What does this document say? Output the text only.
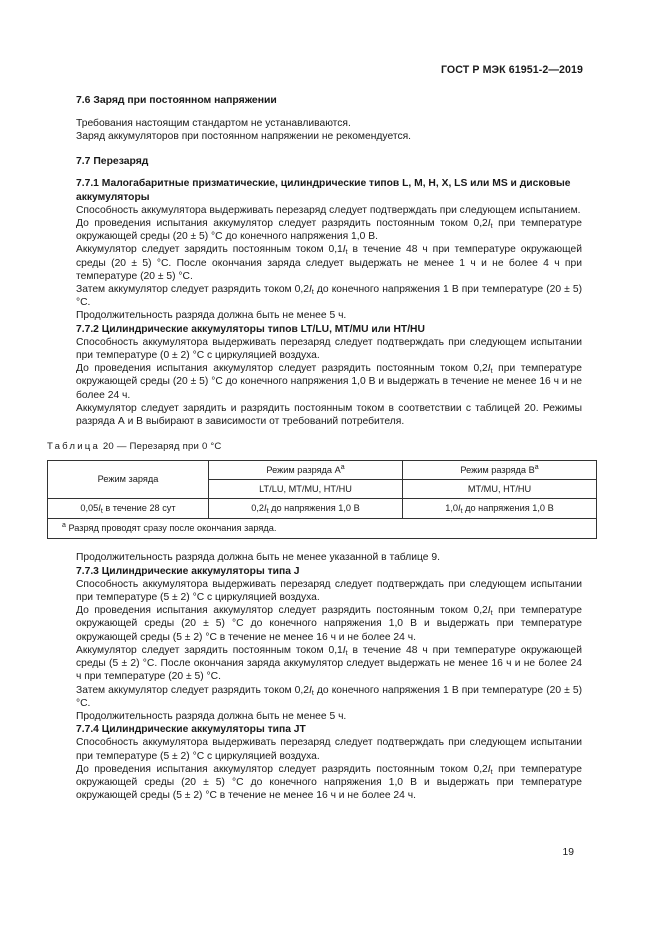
ГОСТ Р МЭК 61951-2—2019
7.6 Заряд при постоянном напряжении

Требования настоящим стандартом не устанавливаются.

Заряд аккумуляторов при постоянном напряжении не рекомендуется.

7.7 Перезаряд
7.7.1 Малогабаритные призматические, цилиндрические типов L, M, H, X, LS или MS и дисковые аккумуляторы

Способность аккумулятора выдерживать перезаряд следует подтверждать при следующем испытанием.

До проведения испытания аккумулятор следует разрядить постоянным током $0,2I_t$ при температуре окружающей среды (20 ± 5) °С до конечного напряжения 1,0 В.

Аккумулятор следует зарядить постоянным током $0,1I_t$ в течение 48 ч при температуре окружающей среды (20 ± 5) °С. После окончания заряда следует выдержать не менее 1 ч и не более 4 ч при температуре (20 ± 5) °С.

Затем аккумулятор следует разрядить током $0,2I_t$ до конечного напряжения 1 В при температуре (20 ± 5) °С.

Продолжительность разряда должна быть не менее 5 ч.

7.7.2 Цилиндрические аккумуляторы типов LT/LU, MT/MU или HT/HU

Способность аккумулятора выдерживать перезаряд следует подтверждать при следующем испытании при температуре (0 ± 2) °С с циркуляцией воздуха.

До проведения испытания аккумулятор следует разрядить постоянным током $0,2I_t$ при температуре окружающей среды (20 ± 5) °С до конечного напряжения 1,0 В и выдержать в течение не менее 16 ч и не более 24 ч.

Аккумулятор следует зарядить и разрядить постоянным током в соответствии с таблицей 20. Режимы разряда А и В выбирают в зависимости от требований потребителя.

Таблица 20 — Перезаряд при 0 °С
Режим заряда	Режим разряда $А^а$	Режим разряда $В^а$
	LT/LU, MT/MU, HT/HU	MT/MU, HT/HU
$0,05I_t$ в течение 28 сут	$0,2I_t$ до напряжения 1,0 В	$1,0I_t$ до напряжения 1,0 В
$^а$ Разряд проводят сразу после окончания заряда.		

Продолжительность разряда должна быть не менее указанной в таблице 9.

7.7.3 Цилиндрические аккумуляторы типа J

Способность аккумулятора выдерживать перезаряд следует подтверждать при следующем испытании при температуре (5 ± 2) °С с циркуляцией воздуха.

До проведения испытания аккумулятор следует разрядить постоянным током $0,2I_t$ при температуре окружающей среды (20 ± 5) °С до конечного напряжения 1,0 В и выдержать при температуре окружающей среды (5 ± 2) °С в течение не менее 16 ч и не более 24 ч.

Аккумулятор следует зарядить постоянным током $0,1I_t$ в течение 48 ч при температуре окружающей среды (5 ± 2) °С. После окончания заряда аккумулятор следует выдержать не менее 16 ч и не более 24 ч при температуре (20 ± 5) °С.

Затем аккумулятор следует разрядить током $0,2I_t$ до конечного напряжения 1 В при температуре (20 ± 5) °С.

Продолжительность разряда должна быть не менее 5 ч.

7.7.4 Цилиндрические аккумуляторы типа JT

Способность аккумулятора выдерживать перезаряд следует подтверждать при следующем испытании при температуре (5 ± 2) °С с циркуляцией воздуха.

До проведения испытания аккумулятор следует разрядить постоянным током $0,2I_t$ при температуре окружающей среды (20 ± 5) °С до конечного напряжения 1,0 В и выдержать при температуре окружающей среды (5 ± 2) °С в течение не менее 16 ч и не более 24 ч.

19
